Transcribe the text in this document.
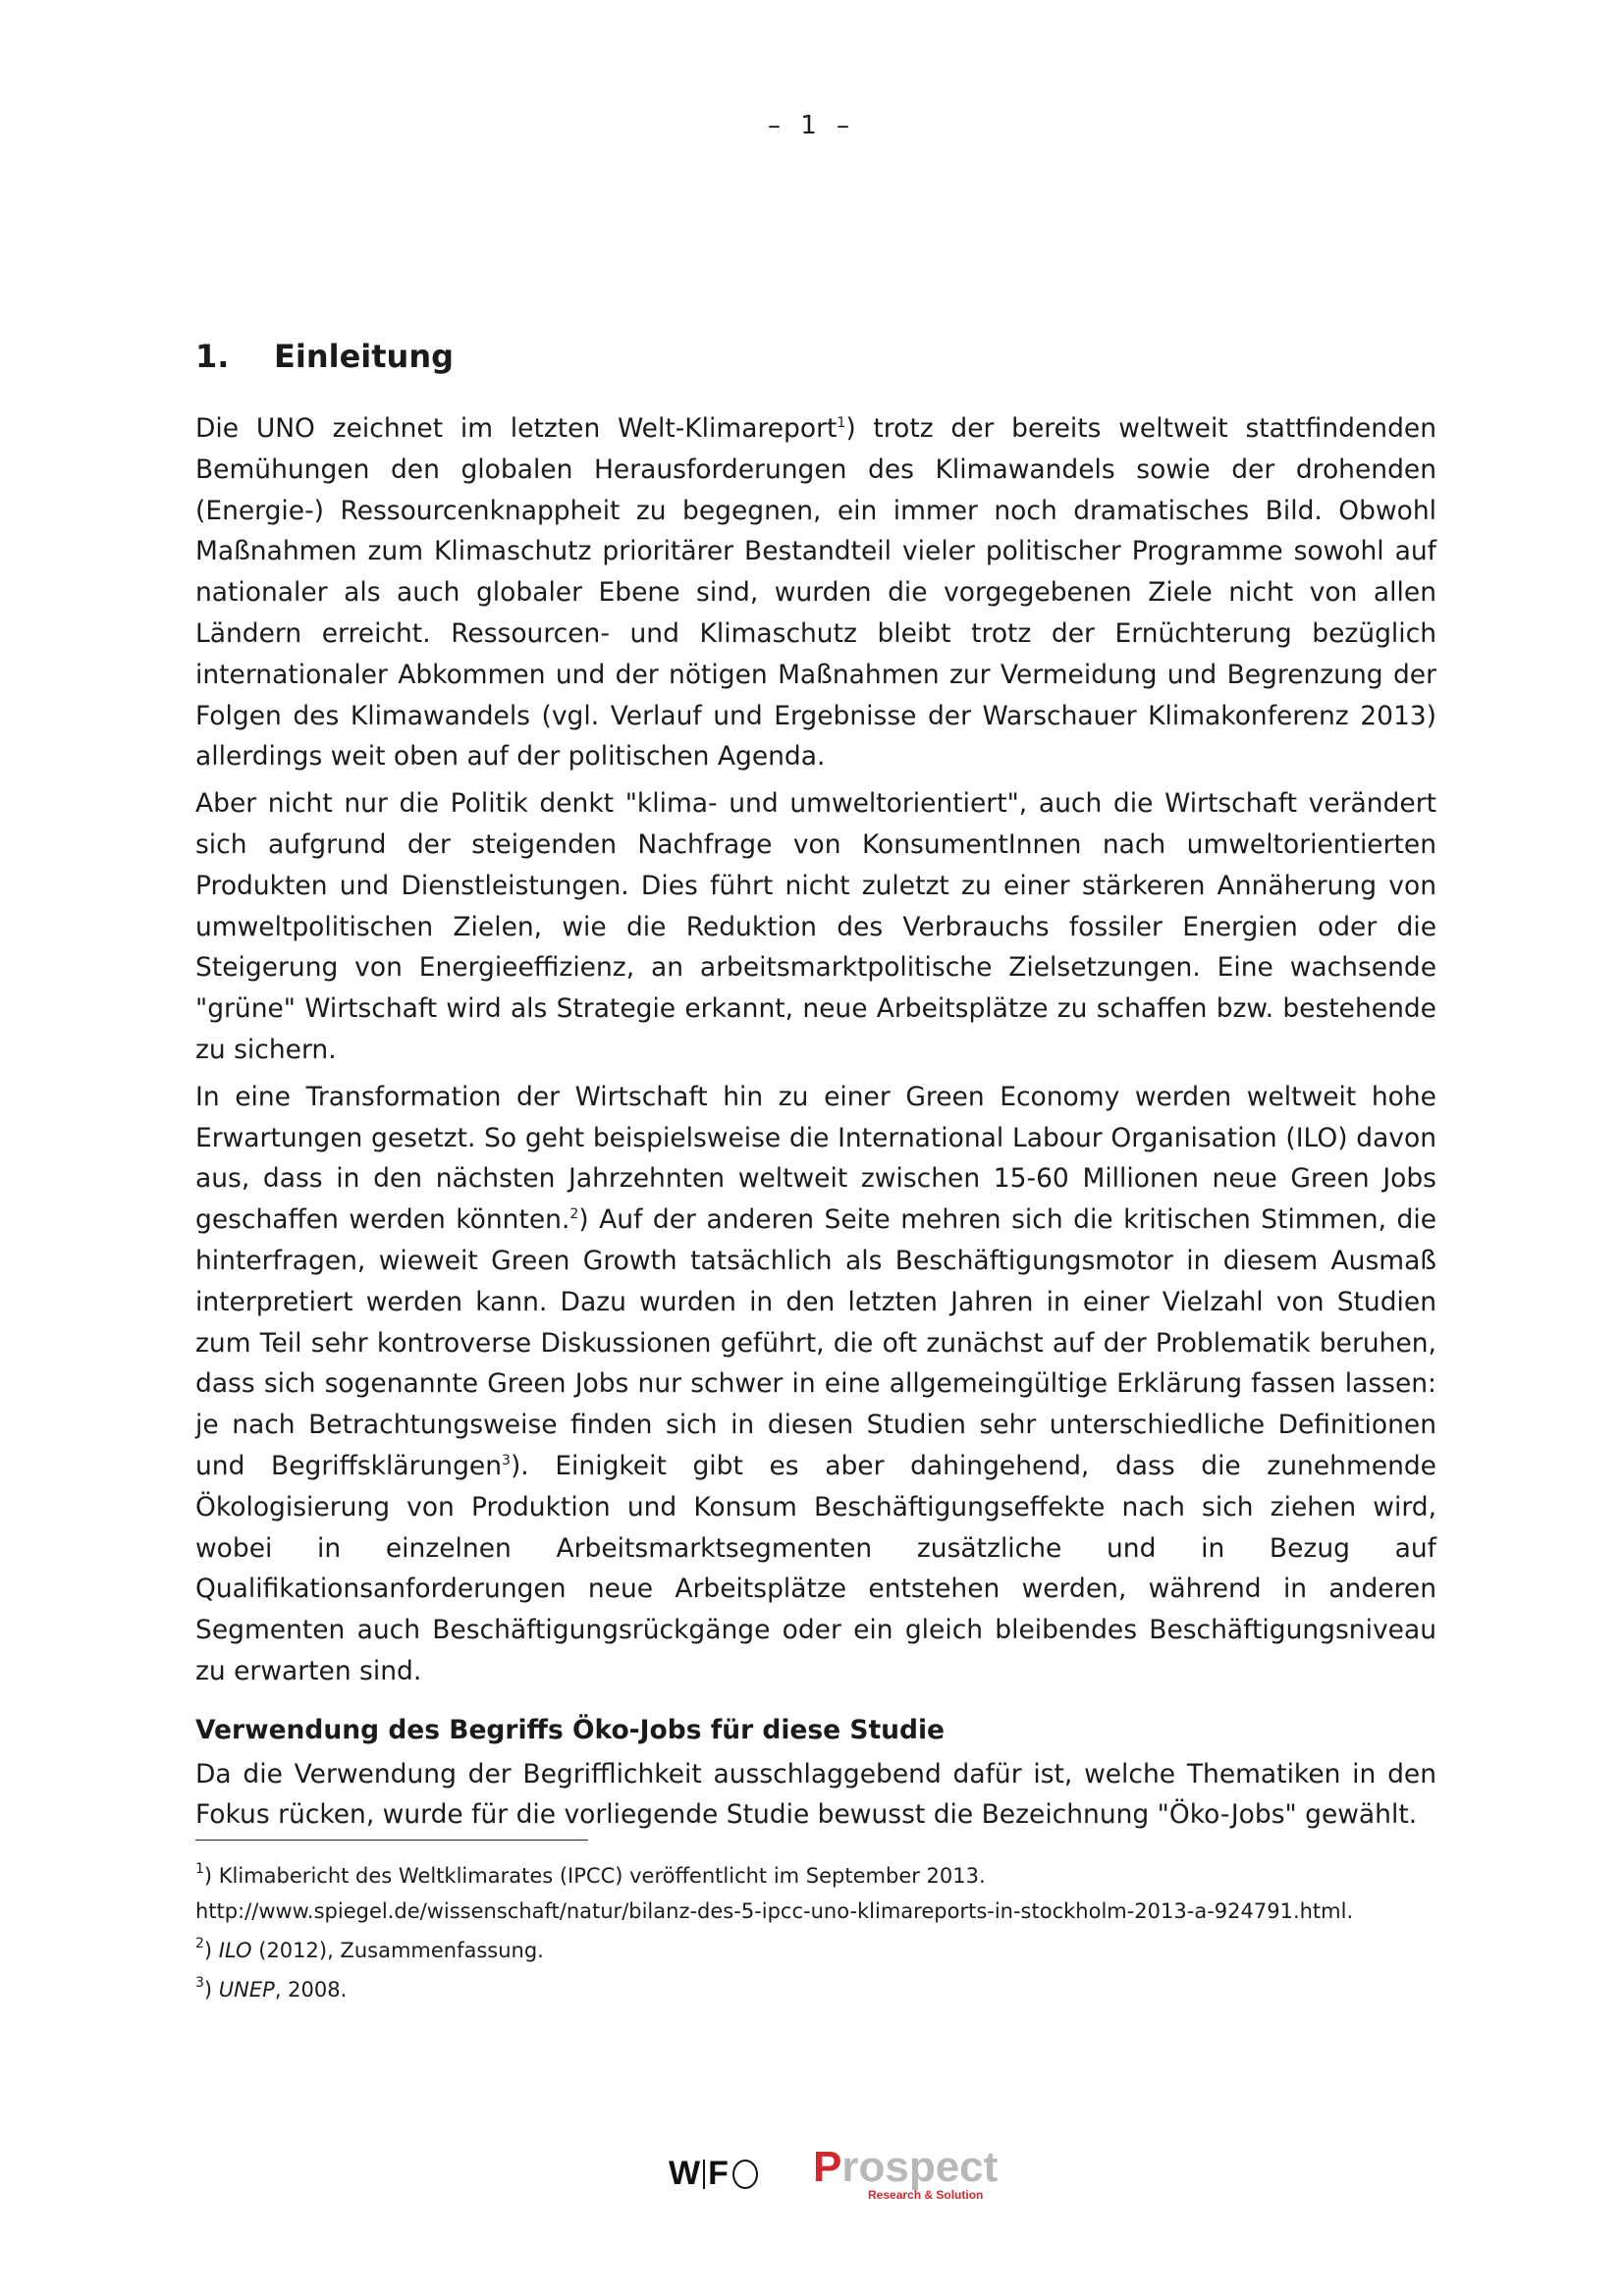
– 1 –
1.	Einleitung

Die UNO zeichnet im letzten Welt-Klimareport$^1$) trotz der bereits weltweit stattfindenden Bemühungen den globalen Herausforderungen des Klimawandels sowie der drohenden (Energie-) Ressourcenknappheit zu begegnen, ein immer noch dramatisches Bild. Obwohl Maßnahmen zum Klimaschutz prioritärer Bestandteil vieler politischer Programme sowohl auf nationaler als auch globaler Ebene sind, wurden die vorgegebenen Ziele nicht von allen Ländern erreicht. Ressourcen- und Klimaschutz bleibt trotz der Ernüchterung bezüglich internationaler Abkommen und der nötigen Maßnahmen zur Vermeidung und Begrenzung der Folgen des Klimawandels (vgl. Verlauf und Ergebnisse der Warschauer Klimakonferenz 2013) allerdings weit oben auf der politischen Agenda.

Aber nicht nur die Politik denkt "klima- und umweltorientiert", auch die Wirtschaft verändert sich aufgrund der steigenden Nachfrage von KonsumentInnen nach umweltorientierten Produkten und Dienstleistungen. Dies führt nicht zuletzt zu einer stärkeren Annäherung von umweltpolitischen Zielen, wie die Reduktion des Verbrauchs fossiler Energien oder die Steigerung von Energieeffizienz, an arbeitsmarktpolitische Zielsetzungen. Eine wachsende "grüne" Wirtschaft wird als Strategie erkannt, neue Arbeitsplätze zu schaffen bzw. bestehende zu sichern.

In eine Transformation der Wirtschaft hin zu einer Green Economy werden weltweit hohe Erwartungen gesetzt. So geht beispielsweise die International Labour Organisation (ILO) davon aus, dass in den nächsten Jahrzehnten weltweit zwischen 15-60 Millionen neue Green Jobs geschaffen werden könnten.$^2$) Auf der anderen Seite mehren sich die kritischen Stimmen, die hinterfragen, wieweit Green Growth tatsächlich als Beschäftigungsmotor in diesem Ausmaß interpretiert werden kann. Dazu wurden in den letzten Jahren in einer Vielzahl von Studien zum Teil sehr kontroverse Diskussionen geführt, die oft zunächst auf der Problematik beruhen, dass sich sogenannte Green Jobs nur schwer in eine allgemeingültige Erklärung fassen lassen: je nach Betrachtungsweise finden sich in diesen Studien sehr unterschiedliche Definitionen und Begriffsklärungen$^3$). Einigkeit gibt es aber dahingehend, dass die zunehmende Ökologisierung von Produktion und Konsum Beschäftigungseffekte nach sich ziehen wird, wobei in einzelnen Arbeitsmarktsegmenten zusätzliche und in Bezug auf Qualifikationsanforderungen neue Arbeitsplätze entstehen werden, während in anderen Segmenten auch Beschäftigungsrückgänge oder ein gleich bleibendes Beschäftigungsniveau zu erwarten sind.

Verwendung des Begriffs Öko-Jobs für diese Studie

Da die Verwendung der Begrifflichkeit ausschlaggebend dafür ist, welche Thematiken in den Fokus rücken, wurde für die vorliegende Studie bewusst die Bezeichnung "Öko-Jobs" gewählt.

$^1$) Klimabericht des Weltklimarates (IPCC) veröffentlicht im September 2013.

http://www.spiegel.de/wissenschaft/natur/bilanz-des-5-ipcc-uno-klimareports-in-stockholm-2013-a-924791.html.

$^2$) ILO (2012), Zusammenfassung.

$^3$) UNEP, 2008.

W F Prospect
Research & Solution
